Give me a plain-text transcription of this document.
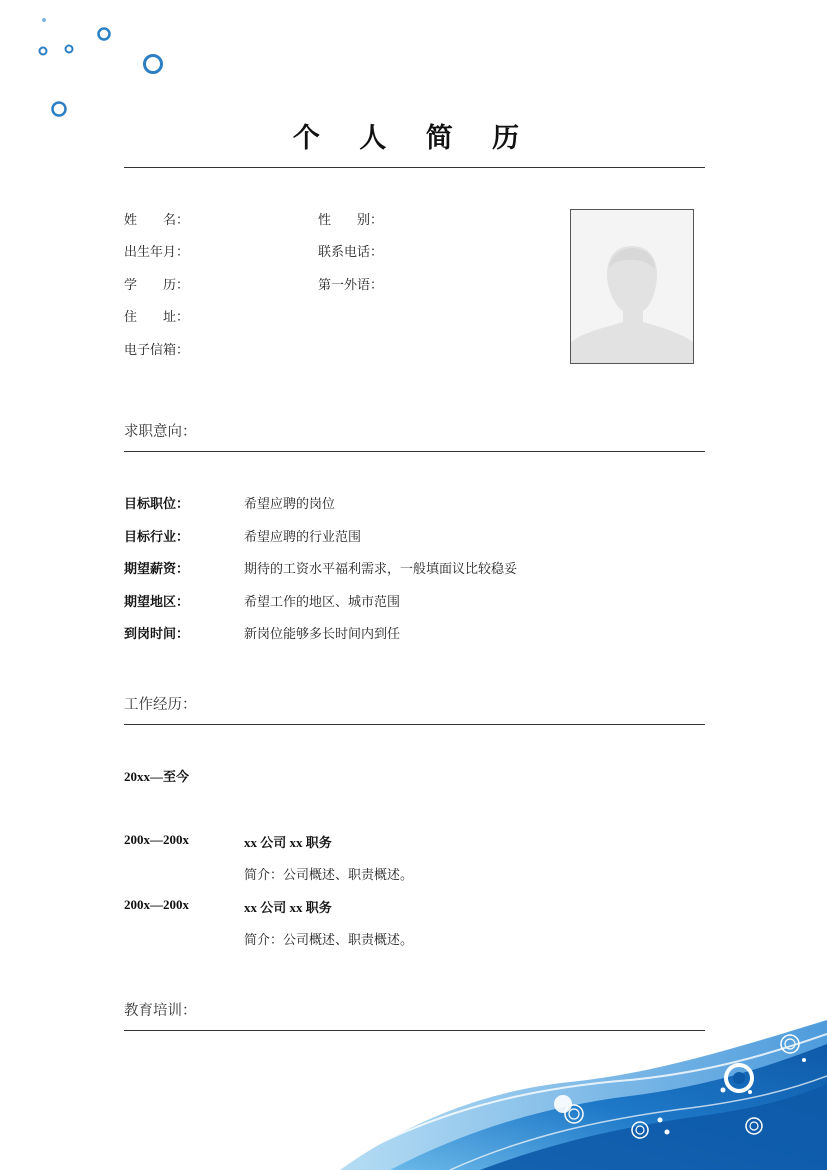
个 人 简 历
姓　　名：	性　　别：
出生年月：	联系电话：
学　　历：	第一外语：
住　　址：
电子信箱：
求职意向：
目标职位：	希望应聘的岗位
目标行业：	希望应聘的行业范围
期望薪资：	期待的工资水平福利需求，一般填面议比较稳妥
期望地区：	希望工作的地区、城市范围
到岗时间：	新岗位能够多长时间内到任
工作经历：
20xx—至今
200x—200x	xx 公司 xx 职务
简介：公司概述、职责概述。
200x—200x	xx 公司 xx 职务
简介：公司概述、职责概述。
教育培训：
